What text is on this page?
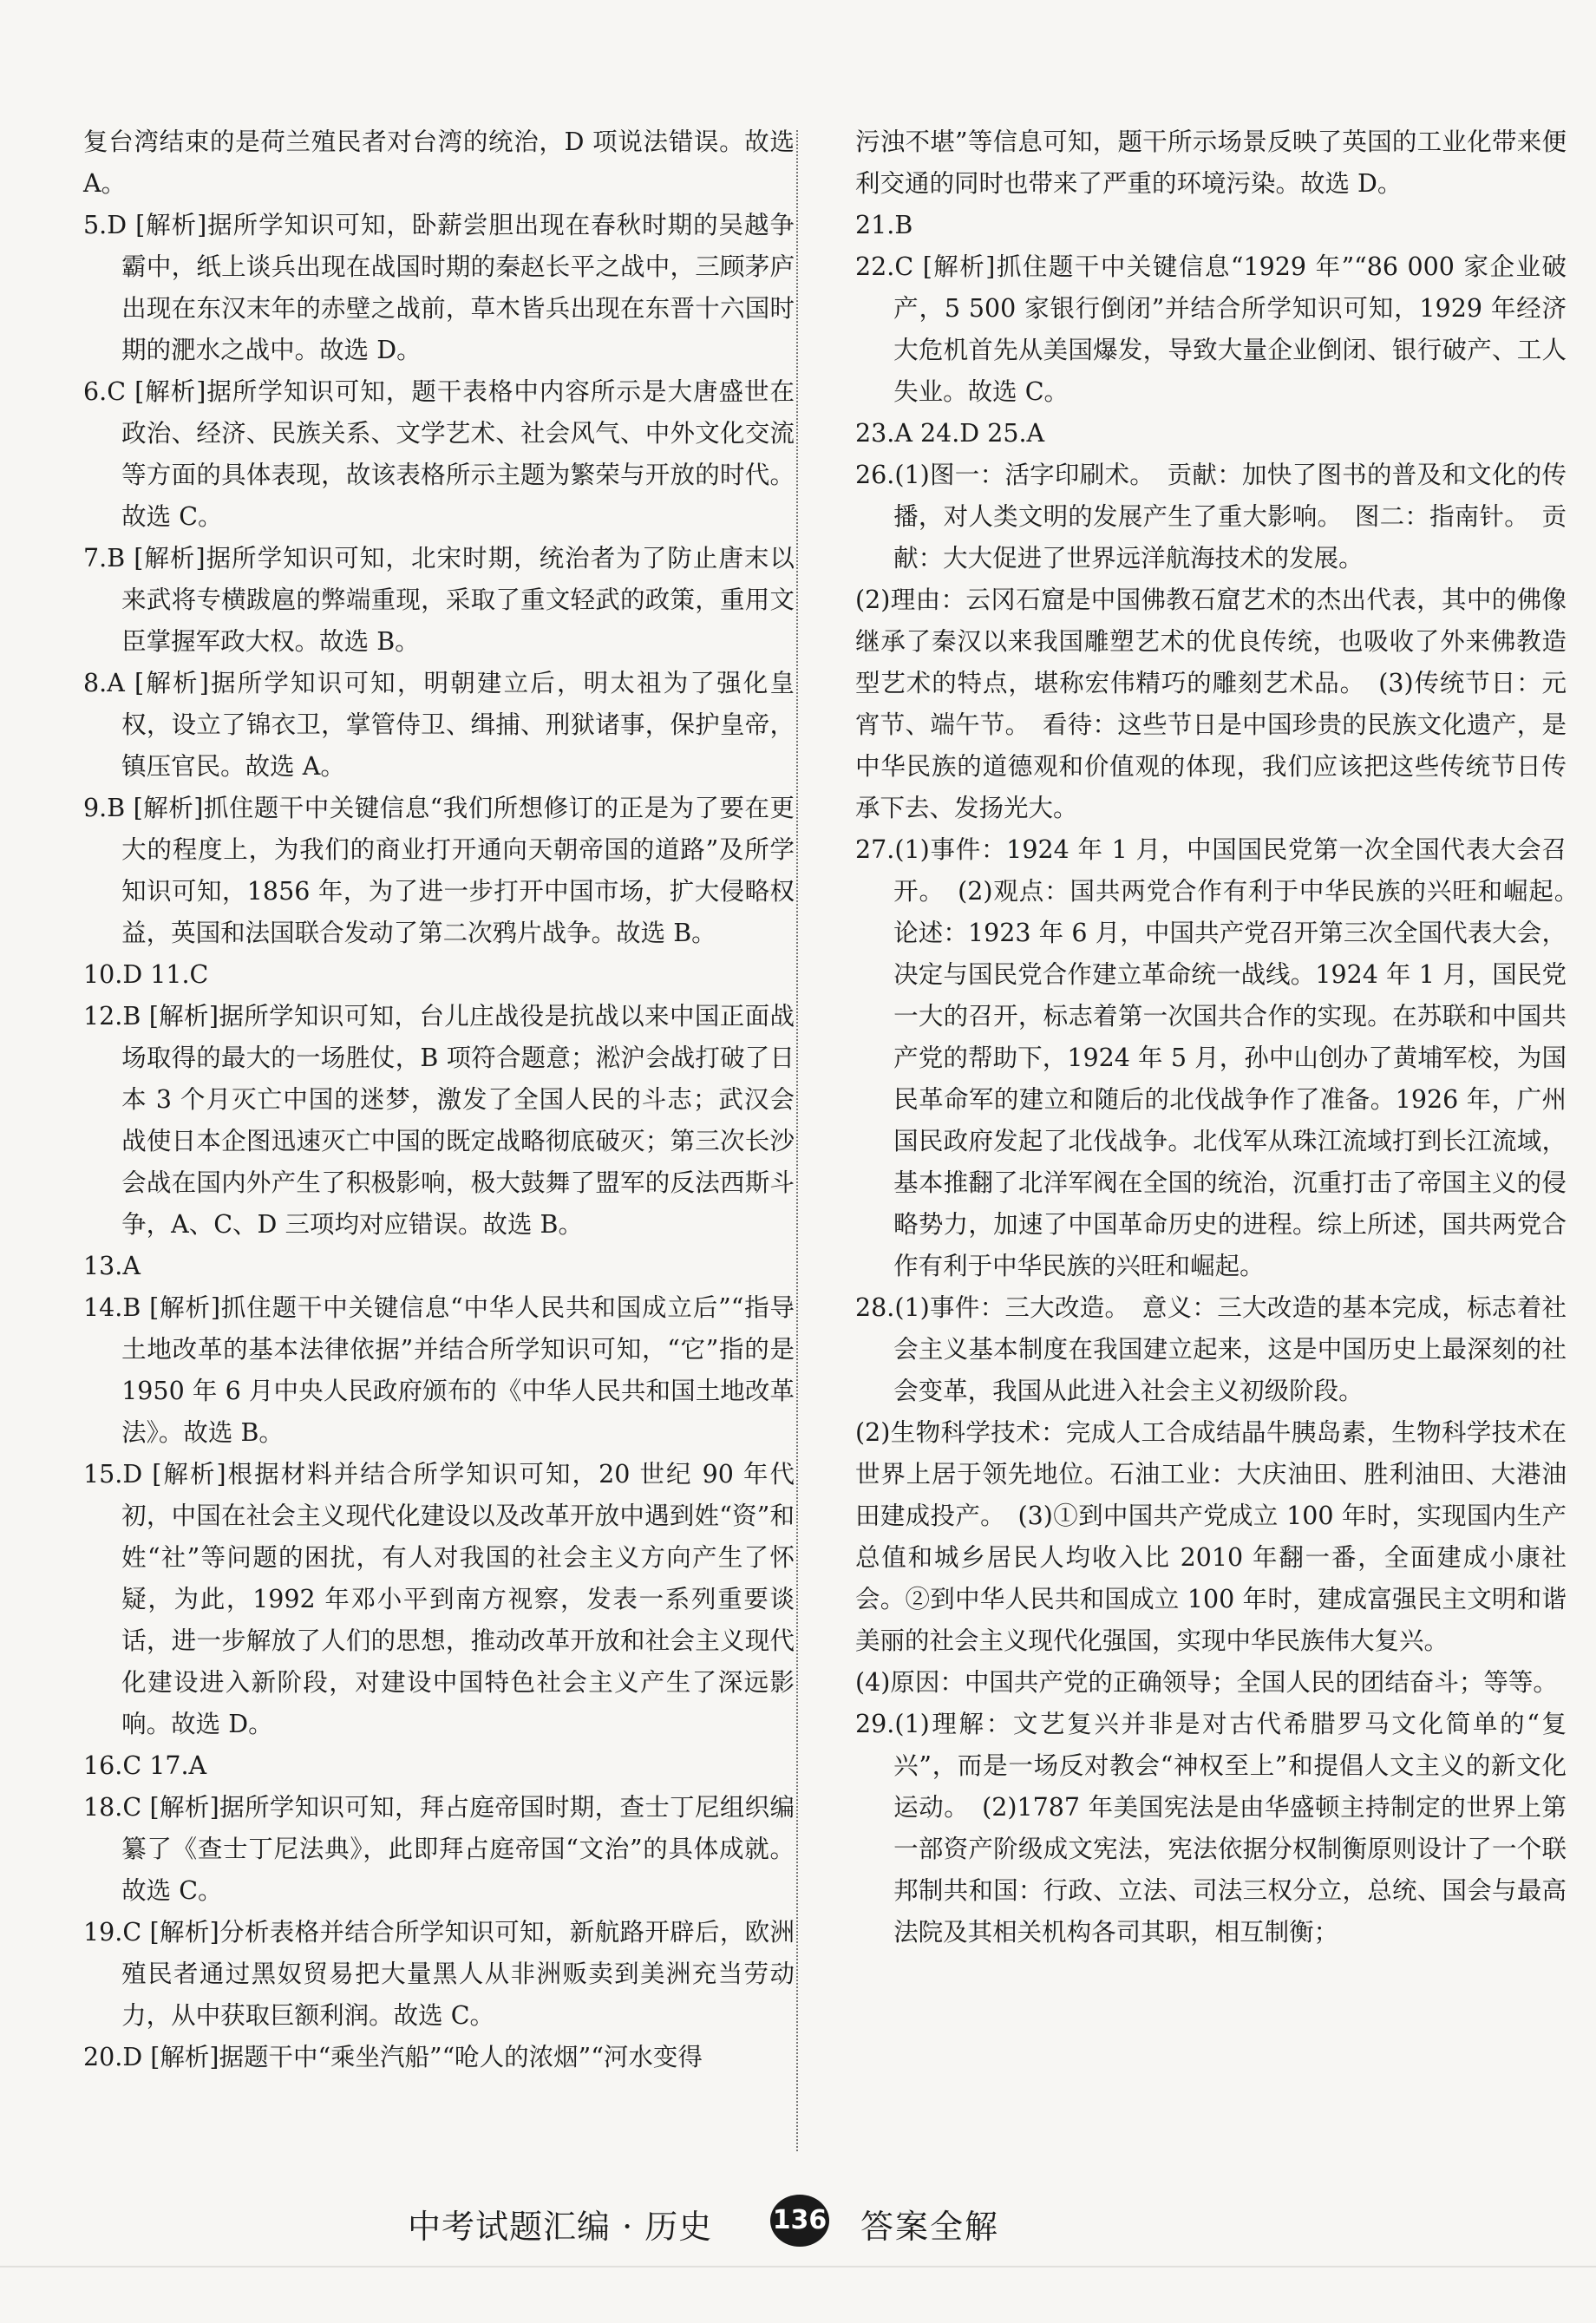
复台湾结束的是荷兰殖民者对台湾的统治，D 项说法错误。故选 A。

5.D [解析]据所学知识可知，卧薪尝胆出现在春秋时期的吴越争霸中，纸上谈兵出现在战国时期的秦赵长平之战中，三顾茅庐出现在东汉末年的赤壁之战前，草木皆兵出现在东晋十六国时期的淝水之战中。故选 D。

6.C [解析]据所学知识可知，题干表格中内容所示是大唐盛世在政治、经济、民族关系、文学艺术、社会风气、中外文化交流等方面的具体表现，故该表格所示主题为繁荣与开放的时代。故选 C。

7.B [解析]据所学知识可知，北宋时期，统治者为了防止唐末以来武将专横跋扈的弊端重现，采取了重文轻武的政策，重用文臣掌握军政大权。故选 B。

8.A [解析]据所学知识可知，明朝建立后，明太祖为了强化皇权，设立了锦衣卫，掌管侍卫、缉捕、刑狱诸事，保护皇帝，镇压官民。故选 A。

9.B [解析]抓住题干中关键信息“我们所想修订的正是为了要在更大的程度上，为我们的商业打开通向天朝帝国的道路”及所学知识可知，1856 年，为了进一步打开中国市场，扩大侵略权益，英国和法国联合发动了第二次鸦片战争。故选 B。

10.D 11.C

12.B [解析]据所学知识可知，台儿庄战役是抗战以来中国正面战场取得的最大的一场胜仗，B 项符合题意；淞沪会战打破了日本 3 个月灭亡中国的迷梦，激发了全国人民的斗志；武汉会战使日本企图迅速灭亡中国的既定战略彻底破灭；第三次长沙会战在国内外产生了积极影响，极大鼓舞了盟军的反法西斯斗争，A、C、D 三项均对应错误。故选 B。

13.A

14.B [解析]抓住题干中关键信息“中华人民共和国成立后”“指导土地改革的基本法律依据”并结合所学知识可知，“它”指的是 1950 年 6 月中央人民政府颁布的《中华人民共和国土地改革法》。故选 B。

15.D [解析]根据材料并结合所学知识可知，20 世纪 90 年代初，中国在社会主义现代化建设以及改革开放中遇到姓“资”和姓“社”等问题的困扰，有人对我国的社会主义方向产生了怀疑，为此，1992 年邓小平到南方视察，发表一系列重要谈话，进一步解放了人们的思想，推动改革开放和社会主义现代化建设进入新阶段，对建设中国特色社会主义产生了深远影响。故选 D。

16.C 17.A

18.C [解析]据所学知识可知，拜占庭帝国时期，查士丁尼组织编纂了《查士丁尼法典》，此即拜占庭帝国“文治”的具体成就。故选 C。

19.C [解析]分析表格并结合所学知识可知，新航路开辟后，欧洲殖民者通过黑奴贸易把大量黑人从非洲贩卖到美洲充当劳动力，从中获取巨额利润。故选 C。

20.D [解析]据题干中“乘坐汽船”“呛人的浓烟”“河水变得

污浊不堪”等信息可知，题干所示场景反映了英国的工业化带来便利交通的同时也带来了严重的环境污染。故选 D。

21.B

22.C [解析]抓住题干中关键信息“1929 年”“86 000 家企业破产，5 500 家银行倒闭”并结合所学知识可知，1929 年经济大危机首先从美国爆发，导致大量企业倒闭、银行破产、工人失业。故选 C。

23.A 24.D 25.A

26.(1)图一：活字印刷术。　贡献：加快了图书的普及和文化的传播，对人类文明的发展产生了重大影响。　图二：指南针。　贡献：大大促进了世界远洋航海技术的发展。

(2)理由：云冈石窟是中国佛教石窟艺术的杰出代表，其中的佛像继承了秦汉以来我国雕塑艺术的优良传统，也吸收了外来佛教造型艺术的特点，堪称宏伟精巧的雕刻艺术品。　(3)传统节日：元宵节、端午节。　看待：这些节日是中国珍贵的民族文化遗产，是中华民族的道德观和价值观的体现，我们应该把这些传统节日传承下去、发扬光大。

27.(1)事件：1924 年 1 月，中国国民党第一次全国代表大会召开。　(2)观点：国共两党合作有利于中华民族的兴旺和崛起。　论述：1923 年 6 月，中国共产党召开第三次全国代表大会，决定与国民党合作建立革命统一战线。1924 年 1 月，国民党一大的召开，标志着第一次国共合作的实现。在苏联和中国共产党的帮助下，1924 年 5 月，孙中山创办了黄埔军校，为国民革命军的建立和随后的北伐战争作了准备。1926 年，广州国民政府发起了北伐战争。北伐军从珠江流域打到长江流域，基本推翻了北洋军阀在全国的统治，沉重打击了帝国主义的侵略势力，加速了中国革命历史的进程。综上所述，国共两党合作有利于中华民族的兴旺和崛起。

28.(1)事件：三大改造。　意义：三大改造的基本完成，标志着社会主义基本制度在我国建立起来，这是中国历史上最深刻的社会变革，我国从此进入社会主义初级阶段。

(2)生物科学技术：完成人工合成结晶牛胰岛素，生物科学技术在世界上居于领先地位。石油工业：大庆油田、胜利油田、大港油田建成投产。　(3)①到中国共产党成立 100 年时，实现国内生产总值和城乡居民人均收入比 2010 年翻一番，全面建成小康社会。②到中华人民共和国成立 100 年时，建成富强民主文明和谐美丽的社会主义现代化强国，实现中华民族伟大复兴。

(4)原因：中国共产党的正确领导；全国人民的团结奋斗；等等。

29.(1)理解：文艺复兴并非是对古代希腊罗马文化简单的“复兴”，而是一场反对教会“神权至上”和提倡人文主义的新文化运动。　(2)1787 年美国宪法是由华盛顿主持制定的世界上第一部资产阶级成文宪法，宪法依据分权制衡原则设计了一个联邦制共和国：行政、立法、司法三权分立，总统、国会与最高法院及其相关机构各司其职，相互制衡；

中考试题汇编 · 历史 136 答案全解
